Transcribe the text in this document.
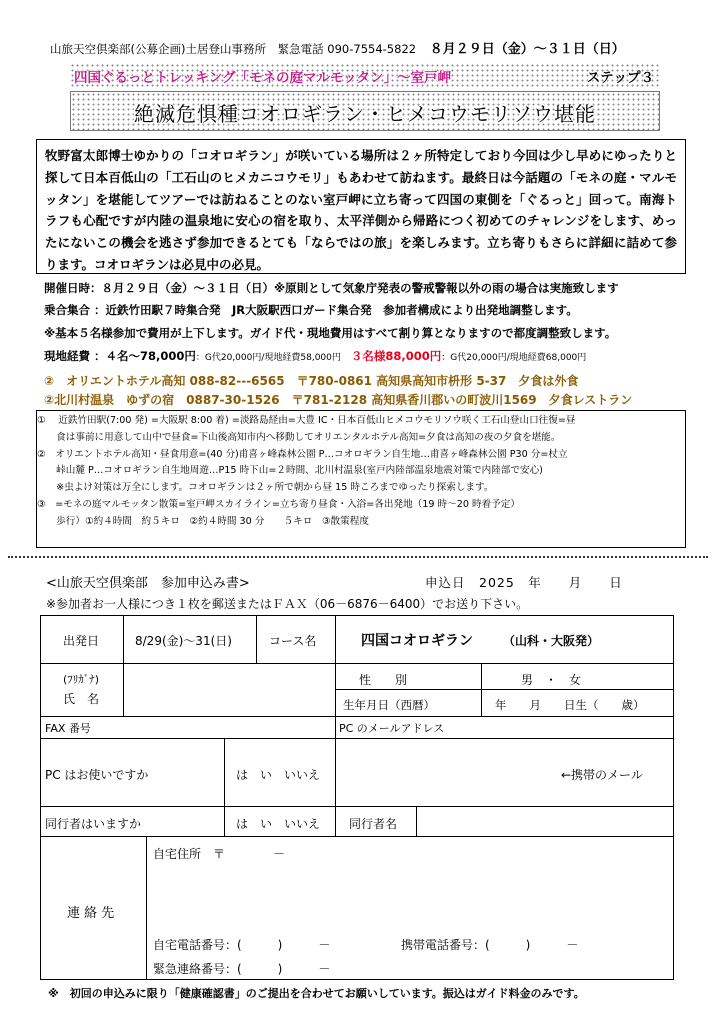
山旅天空倶楽部(公募企画)土居登山事務所 緊急電話 090-7554-5822 ８月２９日（金）～３１日（日）
四国ぐるっとトレッキング「モネの庭マルモッタン」～室戸岬	ステップ３
絶滅危惧種コオロギラン・ヒメコウモリソウ堪能
牧野富太郎博士ゆかりの「コオロギラン」が咲いている場所は２ヶ所特定しており今回は少し早めにゆったりと探して日本百低山の「工石山のヒメカニコウモリ」もあわせて訪ねます。最終日は今話題の「モネの庭・マルモッタン」を堪能してツアーでは訪ねることのない室戸岬に立ち寄って四国の東側を「ぐるっと」回って。南海トラフも心配ですが内陸の温泉地に安心の宿を取り、太平洋側から帰路につく初めてのチャレンジをします、めったにないこの機会を逃さず参加できるとても「ならではの旅」を楽しみます。立ち寄りもさらに詳細に詰めて参ります。コオロギランは必見中の必見。
開催日時：８月２９日（金）～３１日（日）※原則として気象庁発表の警戒警報以外の雨の場合は実施致します
乗合集合 ：近鉄竹田駅７時集合発　JR大阪駅西口ガード集合発　参加者構成により出発地調整します。
※基本５名様参加で費用が上下します。ガイド代・現地費用はすべて割り算となりますので都度調整致します。
現地経費 ：４名～78,000円：G代20,000円/現地経費58,000円 ３名様88,000円：G代20,000円/現地経費68,000円
②　オリエントホテル高知 088-82---6565　〒780-0861 高知県高知市枡形 5-37　夕食は外食
②北川村温泉　ゆずの宿　0887-30-1526　〒781-2128 高知県香川郡いの町波川1569　夕食レストラン
①　 近鉄竹田駅(7:00 発) =大阪駅 8:00 着) =淡路島経由=大豊 IC・日本百低山ヒメコウモリソウ咲く工石山登山口往復=昼
　　食は事前に用意して山中で昼食=下山後高知市内へ移動してオリエンタルホテル高知=夕食は高知の夜の夕食を堪能。
②　オリエントホテル高知・昼食用意=(40 分)甫喜ヶ峰森林公園 P…コオロギラン自生地…甫喜ヶ峰森林公園 P30 分=杖立
　　峠山麓 P…コオロギラン自生地周遊…P15 時下山=２時間、北川村温泉(室戸内陸部温泉地震対策で内陸部で安心)
　　※虫よけ対策は万全にします。コオロギランは２ヶ所で朝から昼 15 時ころまでゆったり探索します。
③　=モネの庭マルモッタン散策=室戸岬スカイライン=立ち寄り昼食・入浴=各出発地（19 時～20 時着予定）
　　歩行）①約４時間　約５キロ　②約４時間 30 分　　５キロ　③散策程度
<山旅天空倶楽部　参加申込み書>	申込日　2025　年　　月　　日
※参加者お一人様につき１枚を郵送またはＦＡＸ（06－6876－6400）でお送り下さい。
出発日	8/29(金)～31(日)	コース名	四国コオロギラン	（山科・大阪発）
(ﾌﾘｶﾞﾅ)
氏　名
性　　別	男　・　女
生年月日（西暦）	年　　月　　日生（　　歳）
FAX 番号	PC のメールアドレス
PC はお使いですか	は　い　いいえ	←携帯のメール
同行者はいますか	は　い　いいえ 同行者名
連 絡 先
自宅住所　〒　　　　－
自宅電話番号：(　　　)　　　－	携帯電話番号：(　　　)　　　－
緊急連絡番号：(　　　)　　　－
※　初回の申込みに限り「健康確認書」のご提出を合わせてお願いしています。振込はガイド料金のみです。
